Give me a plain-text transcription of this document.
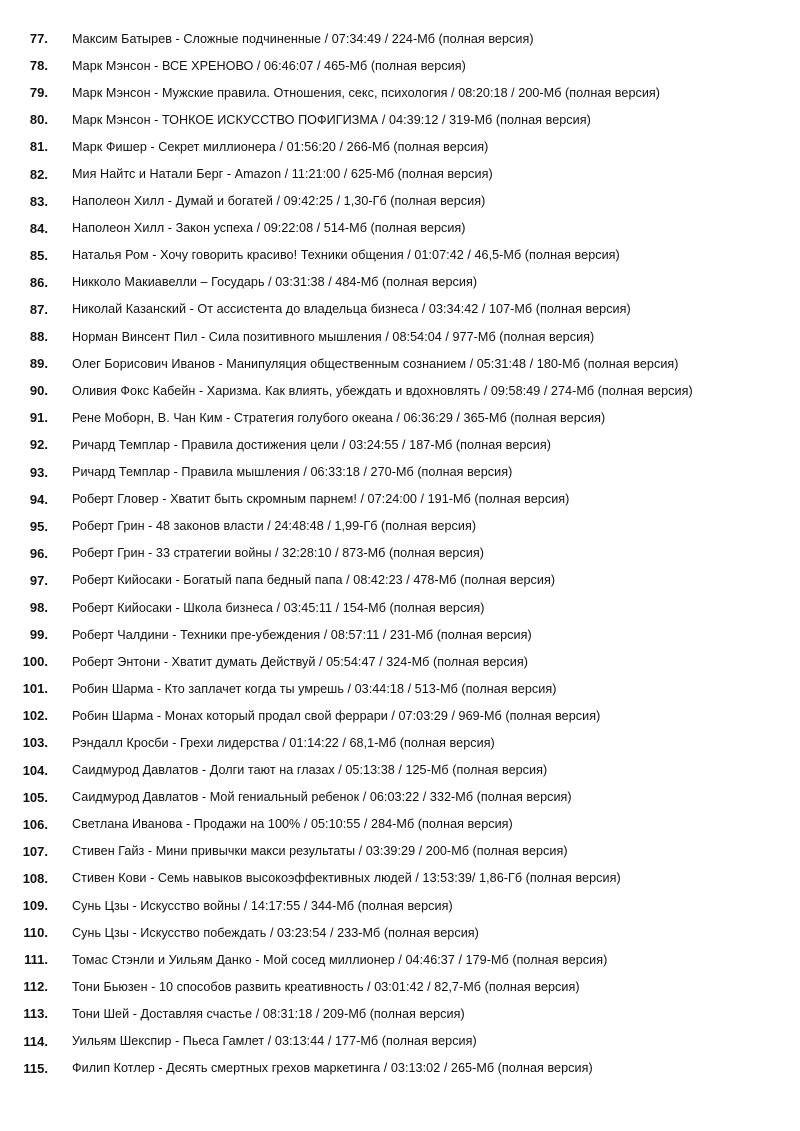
77. Максим Батырев - Сложные подчиненные / 07:34:49 / 224-Мб (полная версия)
78. Марк Мэнсон - ВСЕ ХРЕНОВО / 06:46:07 / 465-Мб (полная версия)
79. Марк Мэнсон - Мужские правила. Отношения, секс, психология / 08:20:18 / 200-Мб (полная версия)
80. Марк Мэнсон - ТОНКОЕ ИСКУССТВО ПОФИГИЗМА / 04:39:12 / 319-Мб (полная версия)
81. Марк Фишер - Секрет миллионера / 01:56:20 / 266-Мб (полная версия)
82. Мия Найтс и Натали Берг - Amazon / 11:21:00 / 625-Мб (полная версия)
83. Наполеон Хилл - Думай и богатей / 09:42:25 / 1,30-Гб (полная версия)
84. Наполеон Хилл - Закон успеха / 09:22:08 / 514-Мб (полная версия)
85. Наталья Ром - Хочу говорить красиво! Техники общения / 01:07:42 / 46,5-Мб (полная версия)
86. Никколо Макиавелли – Государь / 03:31:38 / 484-Мб (полная версия)
87. Николай Казанский - От ассистента до владельца бизнеса / 03:34:42 / 107-Мб (полная версия)
88. Норман Винсент Пил - Сила позитивного мышления / 08:54:04 / 977-Мб (полная версия)
89. Олег Борисович Иванов - Манипуляция общественным сознанием / 05:31:48 / 180-Мб (полная версия)
90. Оливия Фокс Кабейн - Харизма. Как влиять, убеждать и вдохновлять / 09:58:49 / 274-Мб (полная версия)
91. Рене Моборн, В. Чан Ким - Стратегия голубого океана / 06:36:29 / 365-Мб (полная версия)
92. Ричард Темплар - Правила достижения цели / 03:24:55 / 187-Мб (полная версия)
93. Ричард Темплар - Правила мышления / 06:33:18 / 270-Мб (полная версия)
94. Роберт Гловер - Хватит быть скромным парнем! / 07:24:00 / 191-Мб (полная версия)
95. Роберт Грин - 48 законов власти / 24:48:48 / 1,99-Гб (полная версия)
96. Роберт Грин - 33 стратегии войны / 32:28:10 / 873-Мб (полная версия)
97. Роберт Кийосаки - Богатый папа бедный папа / 08:42:23 / 478-Мб (полная версия)
98. Роберт Кийосаки - Школа бизнеса / 03:45:11 / 154-Мб (полная версия)
99. Роберт Чалдини - Техники пре-убеждения / 08:57:11 / 231-Мб (полная версия)
100. Роберт Энтони - Хватит думать Действуй / 05:54:47 / 324-Мб (полная версия)
101. Робин Шарма - Кто заплачет когда ты умрешь / 03:44:18 / 513-Мб (полная версия)
102. Робин Шарма - Монах который продал свой феррари / 07:03:29 / 969-Мб (полная версия)
103. Рэндалл Кросби - Грехи лидерства / 01:14:22 / 68,1-Мб (полная версия)
104. Саидмурод Давлатов - Долги тают на глазах / 05:13:38 / 125-Мб (полная версия)
105. Саидмурод Давлатов - Мой гениальный ребенок / 06:03:22 / 332-Мб (полная версия)
106. Светлана Иванова - Продажи на 100% / 05:10:55 / 284-Мб (полная версия)
107. Стивен Гайз - Мини привычки макси результаты / 03:39:29 / 200-Мб (полная версия)
108. Стивен Кови - Семь навыков высокоэффективных людей / 13:53:39/ 1,86-Гб (полная версия)
109. Сунь Цзы - Искусство войны / 14:17:55 / 344-Мб (полная версия)
110. Сунь Цзы - Искусство побеждать / 03:23:54 / 233-Мб (полная версия)
111. Томас Стэнли и Уильям Данко - Мой сосед миллионер / 04:46:37 / 179-Мб (полная версия)
112. Тони Бьюзен - 10 способов развить креативность / 03:01:42 / 82,7-Мб (полная версия)
113. Тони Шей - Доставляя счастье / 08:31:18 / 209-Мб (полная версия)
114. Уильям Шекспир - Пьеса Гамлет / 03:13:44 / 177-Мб (полная версия)
115. Филип Котлер - Десять смертных грехов маркетинга / 03:13:02 / 265-Мб (полная версия)
